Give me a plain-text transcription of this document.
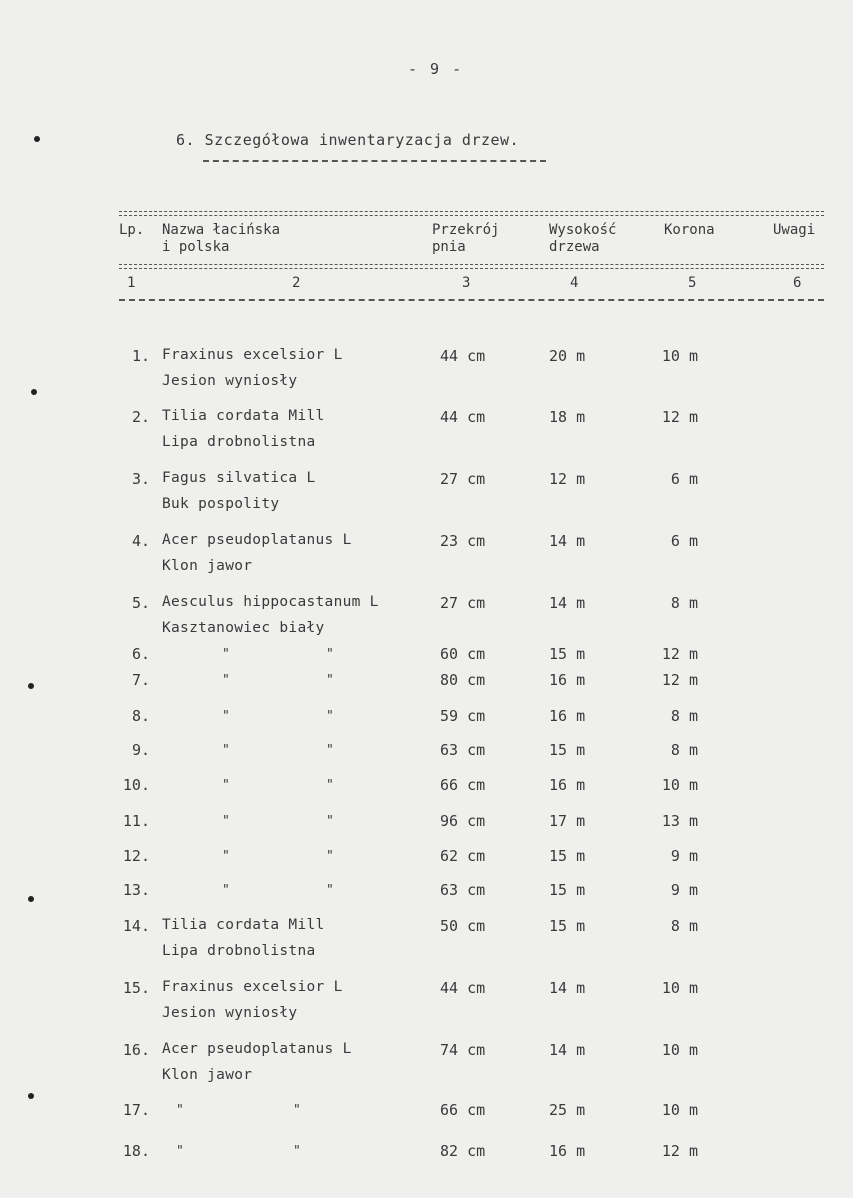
- 9 -
6. Szczegółowa inwentaryzacja drzew.
Lp. Nazwa łacińska
i polska
Przekrój
pnia
Wysokość
drzewa
Korona	Uwagi
1	2	3	4	5	6
1. Fraxinus excelsior L
Jesion wyniosły
44 cm	20 m	10 m
2. Tilia cordata Mill
Lipa drobnolistna
44 cm	18 m	12 m
3. Fagus silvatica L
Buk pospolity
27 cm	12 m	6 m
4. Acer pseudoplatanus L
Klon jawor
23 cm	14 m	6 m
5. Aesculus hippocastanum L
Kasztanowiec biały
27 cm	14 m	8 m
6.	"	"	60 cm	15 m	12 m
7.	"	"	80 cm	16 m	12 m
8.	"	"	59 cm	16 m	8 m
9.	"	"	63 cm	15 m	8 m
10.	"	"	66 cm	16 m	10 m
11.	"	"	96 cm	17 m	13 m
12.	"	"	62 cm	15 m	9 m
13.	"	"	63 cm	15 m	9 m
14. Tilia cordata Mill
Lipa drobnolistna
50 cm	15 m	8 m
15. Fraxinus excelsior L
Jesion wyniosły
44 cm	14 m	10 m
16. Acer pseudoplatanus L
Klon jawor
74 cm	14 m	10 m
17. "	"	66 cm	25 m	10 m
18. "	"	82 cm	16 m	12 m
